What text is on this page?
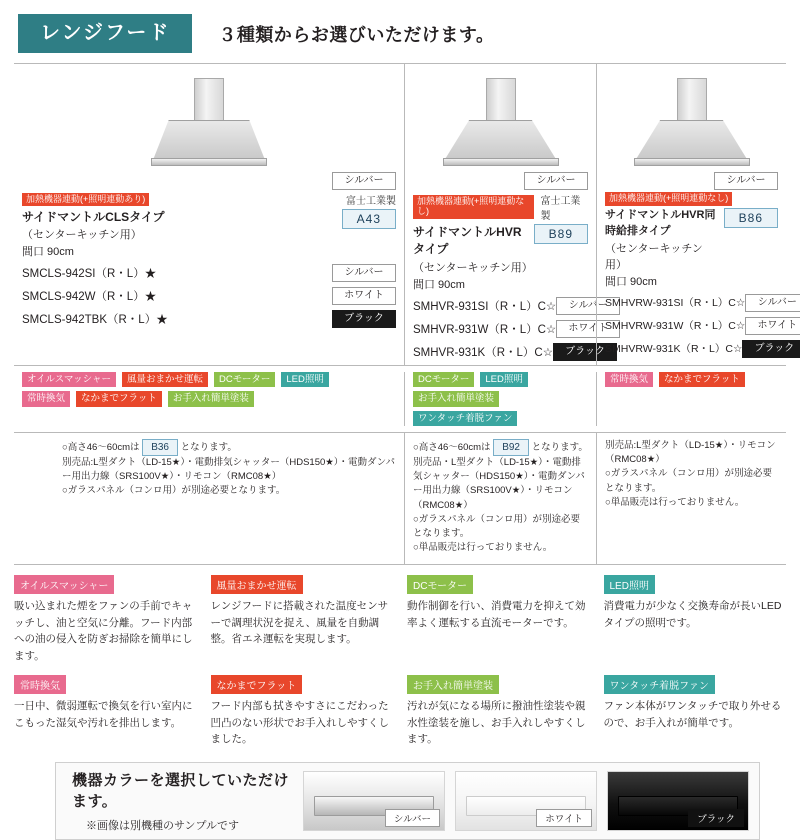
レンジフード	３種類からお選びいただけます。
シルバー
加熱機器連動(+照明連動あり)	富士工業製
サイドマントルCLSタイプ
（センターキッチン用）
間口 90cm
A43
SMCLS-942SI（R・L）★	シルバー
SMCLS-942W（R・L）★	ホワイト
SMCLS-942TBK（R・L）★	ブラック
シルバー
加熱機器連動(+照明連動なし)
富士工業製
サイドマントルHVRタイプ
（センターキッチン用）
間口 90cm
B89
SMHVR-931SI（R・L）C☆	シルバー
SMHVR-931W（R・L）C☆	ホワイト
SMHVR-931K（R・L）C☆	ブラック
シルバー
加熱機器連動(+照明連動なし)
サイドマントルHVR同時給排タイプ
（センターキッチン用）
間口 90cm
B86
SMHVRW-931SI（R・L）C☆	シルバー
SMHVRW-931W（R・L）C☆	ホワイト
SMHVRW-931K（R・L）C☆	ブラック
オイルスマッシャー	風量おまかせ運転	DCモーター	LED照明
常時換気	なかまでフラット	お手入れ簡単塗装
DCモーター	LED照明
お手入れ簡単塗装
ワンタッチ着脱ファン
常時換気	なかまでフラット
○高さ46～60cmは B36 となります。
別売品:L型ダクト（LD-15★）・電動排気シャッター（HDS150★）・電動ダンパー用出力線（SRS100V★）・リモコン（RMC08★）
○ガラスパネル（コンロ用）が別途必要となります。
○高さ46～60cmは B92 となります。
別売品・L型ダクト（LD-15★）・電動排気シャッター（HDS150★）・電動ダンパー用出力線（SRS100V★）・リモコン（RMC08★）
○ガラスパネル（コンロ用）が別途必要となります。
○単品販売は行っておりません。
別売品:L型ダクト（LD-15★）・リモコン（RMC08★）
○ガラスパネル（コンロ用）が別途必要となります。
○単品販売は行っておりません。
オイルスマッシャー
吸い込まれた煙をファンの手前でキャッチし、油と空気に分離。フード内部への油の侵入を防ぎお掃除を簡単にします。
風量おまかせ運転
レンジフードに搭載された温度センサーで調理状況を捉え、風量を自動調整。省エネ運転を実現します。
DCモーター
動作制御を行い、消費電力を抑えて効率よく運転する直流モーターです。
LED照明
消費電力が少なく交換寿命が長いLEDタイプの照明です。
常時換気
一日中、微弱運転で換気を行い室内にこもった湿気や汚れを排出します。
なかまでフラット
フード内部も拭きやすさにこだわった凹凸のない形状でお手入れしやすくしました。
お手入れ簡単塗装
汚れが気になる場所に撥油性塗装や親水性塗装を施し、お手入れしやすくします。
ワンタッチ着脱ファン
ファン本体がワンタッチで取り外せるので、お手入れが簡単です。
機器カラーを選択していただけます。
※画像は別機種のサンプルです
シルバー	ホワイト	ブラック
